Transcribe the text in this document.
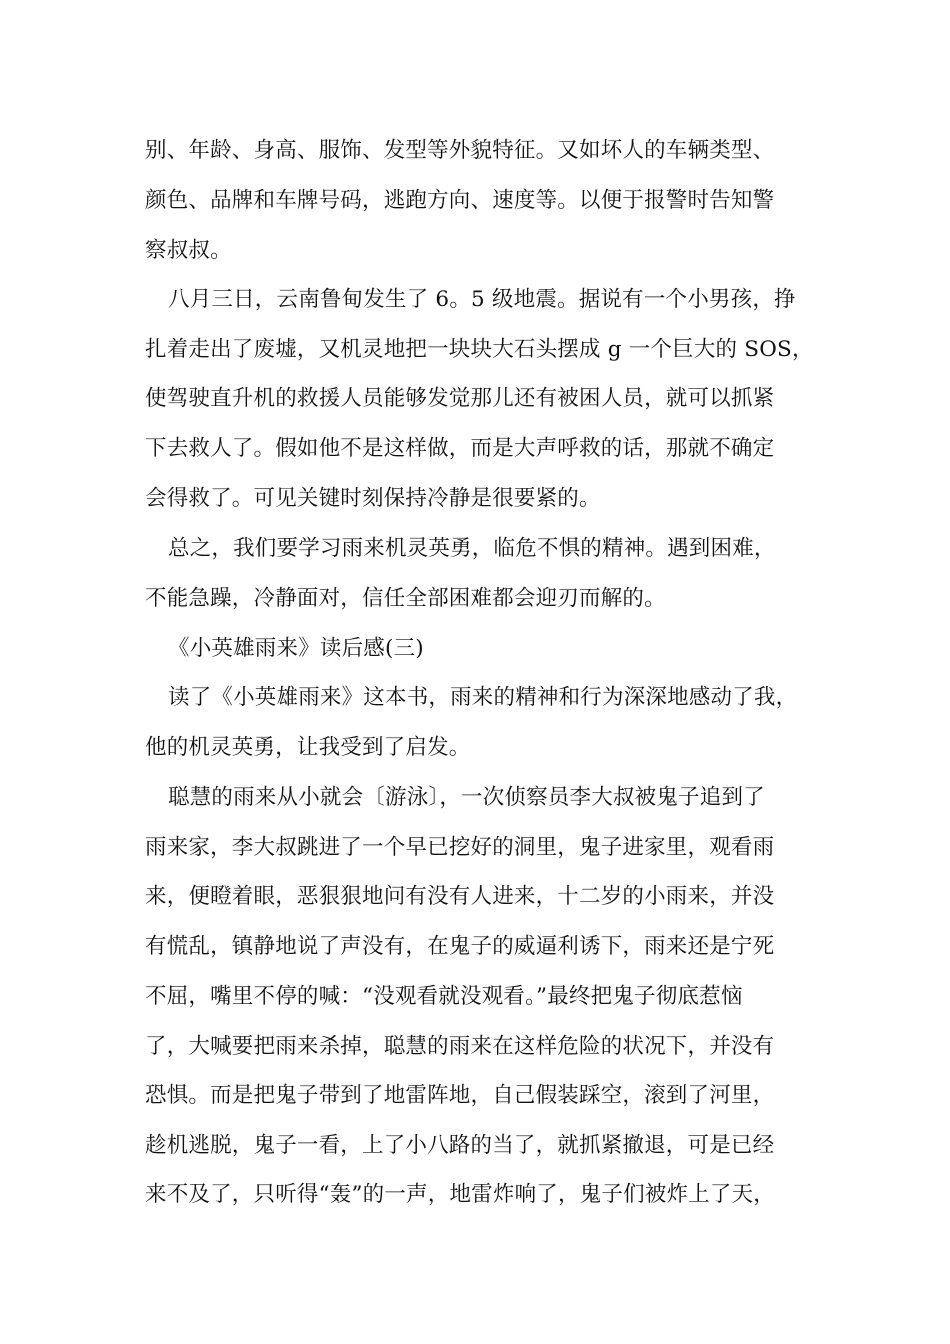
别、年龄、身高、服饰、发型等外貌特征。又如坏人的车辆类型、
颜色、品牌和车牌号码，逃跑方向、速度等。以便于报警时告知警
察叔叔。
八月三日，云南鲁甸发生了 6。5 级地震。据说有一个小男孩，挣
扎着走出了废墟，又机灵地把一块块大石头摆成 g 一个巨大的 SOS，
使驾驶直升机的救援人员能够发觉那儿还有被困人员，就可以抓紧
下去救人了。假如他不是这样做，而是大声呼救的话，那就不确定
会得救了。可见关键时刻保持冷静是很要紧的。
总之，我们要学习雨来机灵英勇，临危不惧的精神。遇到困难，
不能急躁，冷静面对，信任全部困难都会迎刃而解的。
《小英雄雨来》读后感(三)
读了《小英雄雨来》这本书，雨来的精神和行为深深地感动了我，
他的机灵英勇，让我受到了启发。
聪慧的雨来从小就会〔游泳〕，一次侦察员李大叔被鬼子追到了
雨来家，李大叔跳进了一个早已挖好的洞里，鬼子进家里，观看雨
来，便瞪着眼，恶狠狠地问有没有人进来，十二岁的小雨来，并没
有慌乱，镇静地说了声没有，在鬼子的威逼利诱下，雨来还是宁死
不屈，嘴里不停的喊：“没观看就没观看。”最终把鬼子彻底惹恼
了，大喊要把雨来杀掉，聪慧的雨来在这样危险的状况下，并没有
恐惧。而是把鬼子带到了地雷阵地，自己假装踩空，滚到了河里，
趁机逃脱，鬼子一看，上了小八路的当了，就抓紧撤退，可是已经
来不及了，只听得“轰”的一声，地雷炸响了，鬼子们被炸上了天，
